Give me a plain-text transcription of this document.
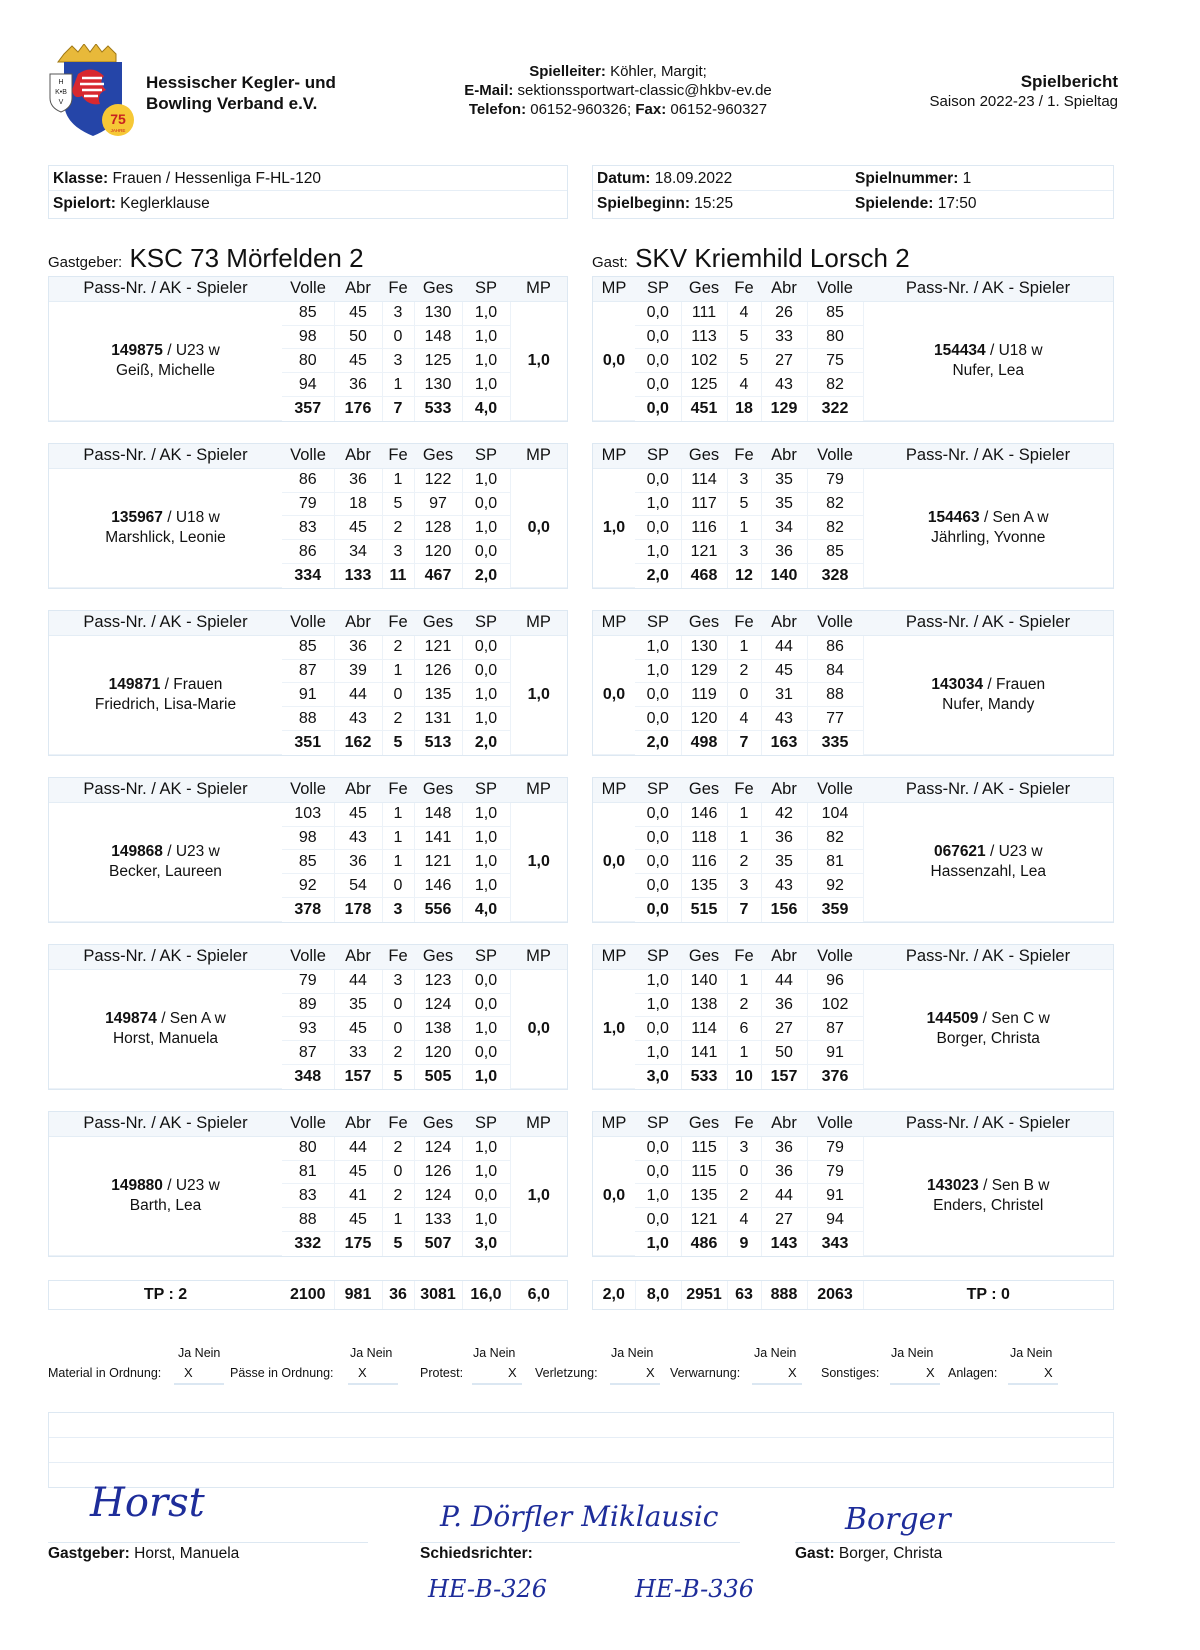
H
K•B
V
75
JAHRE
Hessischer Kegler- und
Bowling Verband e.V.
Spielleiter: Köhler, Margit;
E-Mail: sektionssportwart-classic@hkbv-ev.de
Telefon: 06152-960326; Fax: 06152-960327
Spielbericht
Saison 2022-23 / 1. Spieltag
Klasse: Frauen / Hessenliga F-HL-120
Spielort: Keglerklause
Datum: 18.09.2022	Spielnummer: 1
Spielbeginn: 15:25	Spielende: 17:50
Gastgeber: KSC 73 Mörfelden 2	Gast: SKV Kriemhild Lorsch 2
Pass-Nr. / AK - Spieler	Volle	Abr	Fe	Ges	SP	MP
149875 / U23 w
Geiß, Michelle	85	45	3	130	1,0	1,0
	98	50	0	148	1,0	
	80	45	3	125	1,0	
	94	36	1	130	1,0	
	357	176	7	533	4,0	
MP	SP	Ges	Fe	Abr	Volle	Pass-Nr. / AK - Spieler
0,0	0,0	111	4	26	85	154434 / U18 w
Nufer, Lea
	0,0	113	5	33	80	
	0,0	102	5	27	75	
	0,0	125	4	43	82	
	0,0	451	18	129	322	
Pass-Nr. / AK - Spieler	Volle	Abr	Fe	Ges	SP	MP
135967 / U18 w
Marshlick, Leonie	86	36	1	122	1,0	0,0
	79	18	5	97	0,0	
	83	45	2	128	1,0	
	86	34	3	120	0,0	
	334	133	11	467	2,0	
MP	SP	Ges	Fe	Abr	Volle	Pass-Nr. / AK - Spieler
1,0	0,0	114	3	35	79	154463 / Sen A w
Jährling, Yvonne
	1,0	117	5	35	82	
	0,0	116	1	34	82	
	1,0	121	3	36	85	
	2,0	468	12	140	328	
Pass-Nr. / AK - Spieler	Volle	Abr	Fe	Ges	SP	MP
149871 / Frauen
Friedrich, Lisa-Marie	85	36	2	121	0,0	1,0
	87	39	1	126	0,0	
	91	44	0	135	1,0	
	88	43	2	131	1,0	
	351	162	5	513	2,0	
MP	SP	Ges	Fe	Abr	Volle	Pass-Nr. / AK - Spieler
0,0	1,0	130	1	44	86	143034 / Frauen
Nufer, Mandy
	1,0	129	2	45	84	
	0,0	119	0	31	88	
	0,0	120	4	43	77	
	2,0	498	7	163	335	
Pass-Nr. / AK - Spieler	Volle	Abr	Fe	Ges	SP	MP
149868 / U23 w
Becker, Laureen	103	45	1	148	1,0	1,0
	98	43	1	141	1,0	
	85	36	1	121	1,0	
	92	54	0	146	1,0	
	378	178	3	556	4,0	
MP	SP	Ges	Fe	Abr	Volle	Pass-Nr. / AK - Spieler
0,0	0,0	146	1	42	104	067621 / U23 w
Hassenzahl, Lea
	0,0	118	1	36	82	
	0,0	116	2	35	81	
	0,0	135	3	43	92	
	0,0	515	7	156	359	
Pass-Nr. / AK - Spieler	Volle	Abr	Fe	Ges	SP	MP
149874 / Sen A w
Horst, Manuela	79	44	3	123	0,0	0,0
	89	35	0	124	0,0	
	93	45	0	138	1,0	
	87	33	2	120	0,0	
	348	157	5	505	1,0	
MP	SP	Ges	Fe	Abr	Volle	Pass-Nr. / AK - Spieler
1,0	1,0	140	1	44	96	144509 / Sen C w
Borger, Christa
	1,0	138	2	36	102	
	0,0	114	6	27	87	
	1,0	141	1	50	91	
	3,0	533	10	157	376	
Pass-Nr. / AK - Spieler	Volle	Abr	Fe	Ges	SP	MP
149880 / U23 w
Barth, Lea	80	44	2	124	1,0	1,0
	81	45	0	126	1,0	
	83	41	2	124	0,0	
	88	45	1	133	1,0	
	332	175	5	507	3,0	
MP	SP	Ges	Fe	Abr	Volle	Pass-Nr. / AK - Spieler
0,0	0,0	115	3	36	79	143023 / Sen B w
Enders, Christel
	0,0	115	0	36	79	
	1,0	135	2	44	91	
	0,0	121	4	27	94	
	1,0	486	9	143	343	
TP : 2	2100	981	36	3081	16,0	6,0	2,0	8,0	2951	63	888	2063	TP : 0
Ja Nein
Material in Ordnung: X
Ja Nein
Pässe in Ordnung: X
Ja Nein
Protest:	X
Ja Nein
Verletzung:	X
Ja Nein
Verwarnung:	X
Ja Nein
Sonstiges:	X
Ja Nein
Anlagen:	X
Horst	P. Dörfler Miklausic	Borger
Gastgeber: Horst, Manuela	Schiedsrichter:	Gast: Borger, Christa
HE-B-326	HE-B-336
